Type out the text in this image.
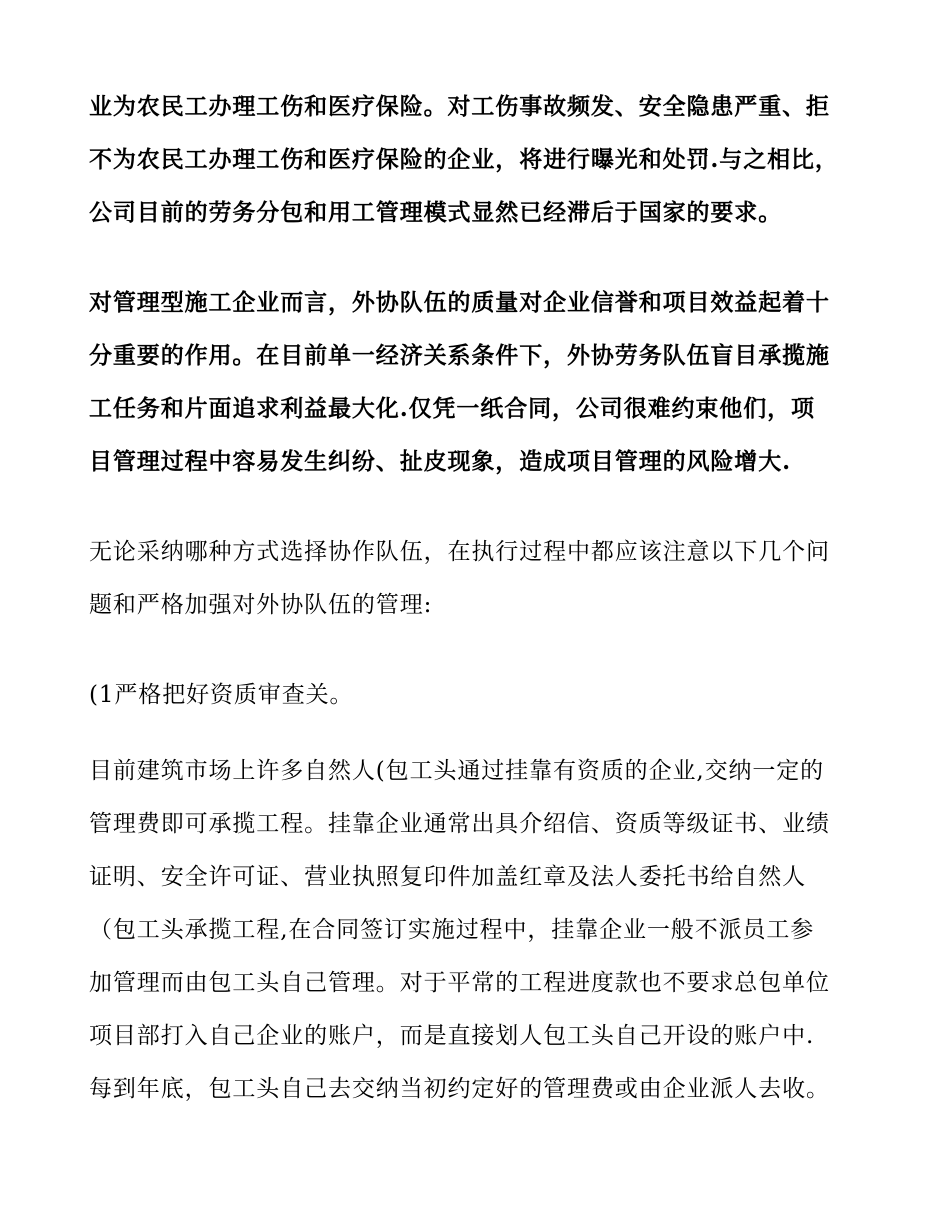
业为农民工办理工伤和医疗保险。对工伤事故频发、安全隐患严重、拒
不为农民工办理工伤和医疗保险的企业，将进行曝光和处罚.与之相比，
公司目前的劳务分包和用工管理模式显然已经滞后于国家的要求。
对管理型施工企业而言，外协队伍的质量对企业信誉和项目效益起着十
分重要的作用。在目前单一经济关系条件下，外协劳务队伍盲目承揽施
工任务和片面追求利益最大化.仅凭一纸合同，公司很难约束他们，项
目管理过程中容易发生纠纷、扯皮现象，造成项目管理的风险增大.
无论采纳哪种方式选择协作队伍，在执行过程中都应该注意以下几个问
题和严格加强对外协队伍的管理:
(1严格把好资质审查关。
目前建筑市场上许多自然人(包工头通过挂靠有资质的企业,交纳一定的
管理费即可承揽工程。挂靠企业通常出具介绍信、资质等级证书、业绩
证明、安全许可证、营业执照复印件加盖红章及法人委托书给自然人
（包工头承揽工程,在合同签订实施过程中，挂靠企业一般不派员工参
加管理而由包工头自己管理。对于平常的工程进度款也不要求总包单位
项目部打入自己企业的账户，而是直接划人包工头自己开设的账户中.
每到年底，包工头自己去交纳当初约定好的管理费或由企业派人去收。
